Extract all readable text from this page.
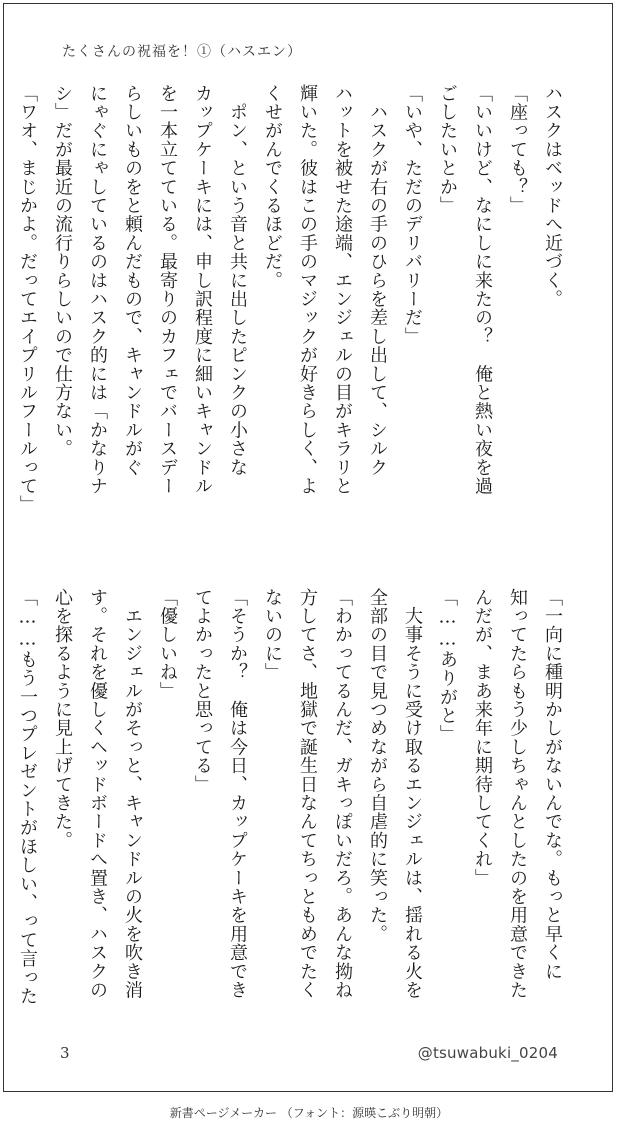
たくさんの祝福を！①（ハスエン）
ハスクはベッドへ近づく。
「座っても？」
「いいけど、なにしに来たの？　俺と熱い夜を過
ごしたいとか」
「いや、ただのデリバリーだ」
　ハスクが右の手のひらを差し出して、シルク
ハットを被せた途端、エンジェルの目がキラリと
輝いた。彼はこの手のマジックが好きらしく、よ
くせがんでくるほどだ。
　ポン、という音と共に出したピンクの小さな
カップケーキには、申し訳程度に細いキャンドル
を一本立てている。最寄りのカフェでバースデー
らしいものをと頼んだもので、キャンドルがぐ
にゃぐにゃしているのはハスク的には「かなりナ
シ」だが最近の流行りらしいので仕方ない。
「ワオ、まじかよ。だってエイプリルフールって」
「一向に種明かしがないんでな。もっと早くに
知ってたらもう少しちゃんとしたのを用意できた
んだが、まあ来年に期待してくれ」
「……ありがと」
　大事そうに受け取るエンジェルは、揺れる火を
全部の目で見つめながら自虐的に笑った。
「わかってるんだ、ガキっぽいだろ。あんな拗ね
方してさ、地獄で誕生日なんてちっともめでたく
ないのに」
「そうか？　俺は今日、カップケーキを用意でき
てよかったと思ってる」
「優しいね」
　エンジェルがそっと、キャンドルの火を吹き消
す。それを優しくヘッドボードへ置き、ハスクの
心を探るように見上げてきた。
「……もう一つプレゼントがほしい、って言った
3	@tsuwabuki_0204
新書ページメーカー （フォント：源暎こぶり明朝）
